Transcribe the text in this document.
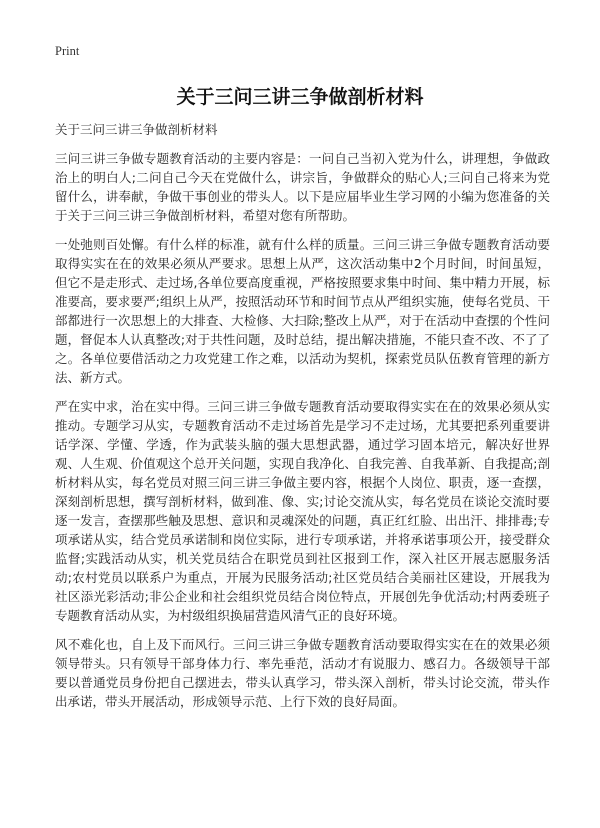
Print
关于三问三讲三争做剖析材料
关于三问三讲三争做剖析材料

三问三讲三争做专题教育活动的主要内容是：一问自己当初入党为什么，讲理想，争做政治上的明白人;二问自己今天在党做什么，讲宗旨，争做群众的贴心人;三问自己将来为党留什么，讲奉献，争做干事创业的带头人。以下是应届毕业生学习网的小编为您准备的关于关于三问三讲三争做剖析材料，希望对您有所帮助。

一处弛则百处懈。有什么样的标准，就有什么样的质量。三问三讲三争做专题教育活动要取得实实在在的效果必须从严要求。思想上从严，这次活动集中2个月时间，时间虽短，但它不是走形式、走过场,各单位要高度重视，严格按照要求集中时间、集中精力开展，标准要高，要求要严;组织上从严，按照活动环节和时间节点从严组织实施，使每名党员、干部都进行一次思想上的大排查、大检修、大扫除;整改上从严，对于在活动中查摆的个性问题，督促本人认真整改;对于共性问题，及时总结，提出解决措施，不能只查不改、不了了之。各单位要借活动之力攻党建工作之难，以活动为契机，探索党员队伍教育管理的新方法、新方式。

严在实中求，治在实中得。三问三讲三争做专题教育活动要取得实实在在的效果必须从实推动。专题学习从实，专题教育活动不走过场首先是学习不走过场，尤其要把系列重要讲话学深、学懂、学透，作为武装头脑的强大思想武器，通过学习固本培元，解决好世界观、人生观、价值观这个总开关问题，实现自我净化、自我完善、自我革新、自我提高;剖析材料从实，每名党员对照三问三讲三争做主要内容，根据个人岗位、职责，逐一查摆，深刻剖析思想，撰写剖析材料，做到准、像、实;讨论交流从实，每名党员在谈论交流时要逐一发言，查摆那些触及思想、意识和灵魂深处的问题，真正红红脸、出出汗、排排毒;专项承诺从实，结合党员承诺制和岗位实际，进行专项承诺，并将承诺事项公开，接受群众监督;实践活动从实，机关党员结合在职党员到社区报到工作，深入社区开展志愿服务活动;农村党员以联系户为重点，开展为民服务活动;社区党员结合美丽社区建设，开展我为社区添光彩活动;非公企业和社会组织党员结合岗位特点，开展创先争优活动;村两委班子专题教育活动从实，为村级组织换届营造风清气正的良好环境。

风不难化也，自上及下而风行。三问三讲三争做专题教育活动要取得实实在在的效果必须领导带头。只有领导干部身体力行、率先垂范，活动才有说服力、感召力。各级领导干部要以普通党员身份把自己摆进去，带头认真学习，带头深入剖析，带头讨论交流，带头作出承诺，带头开展活动，形成领导示范、上行下效的良好局面。
